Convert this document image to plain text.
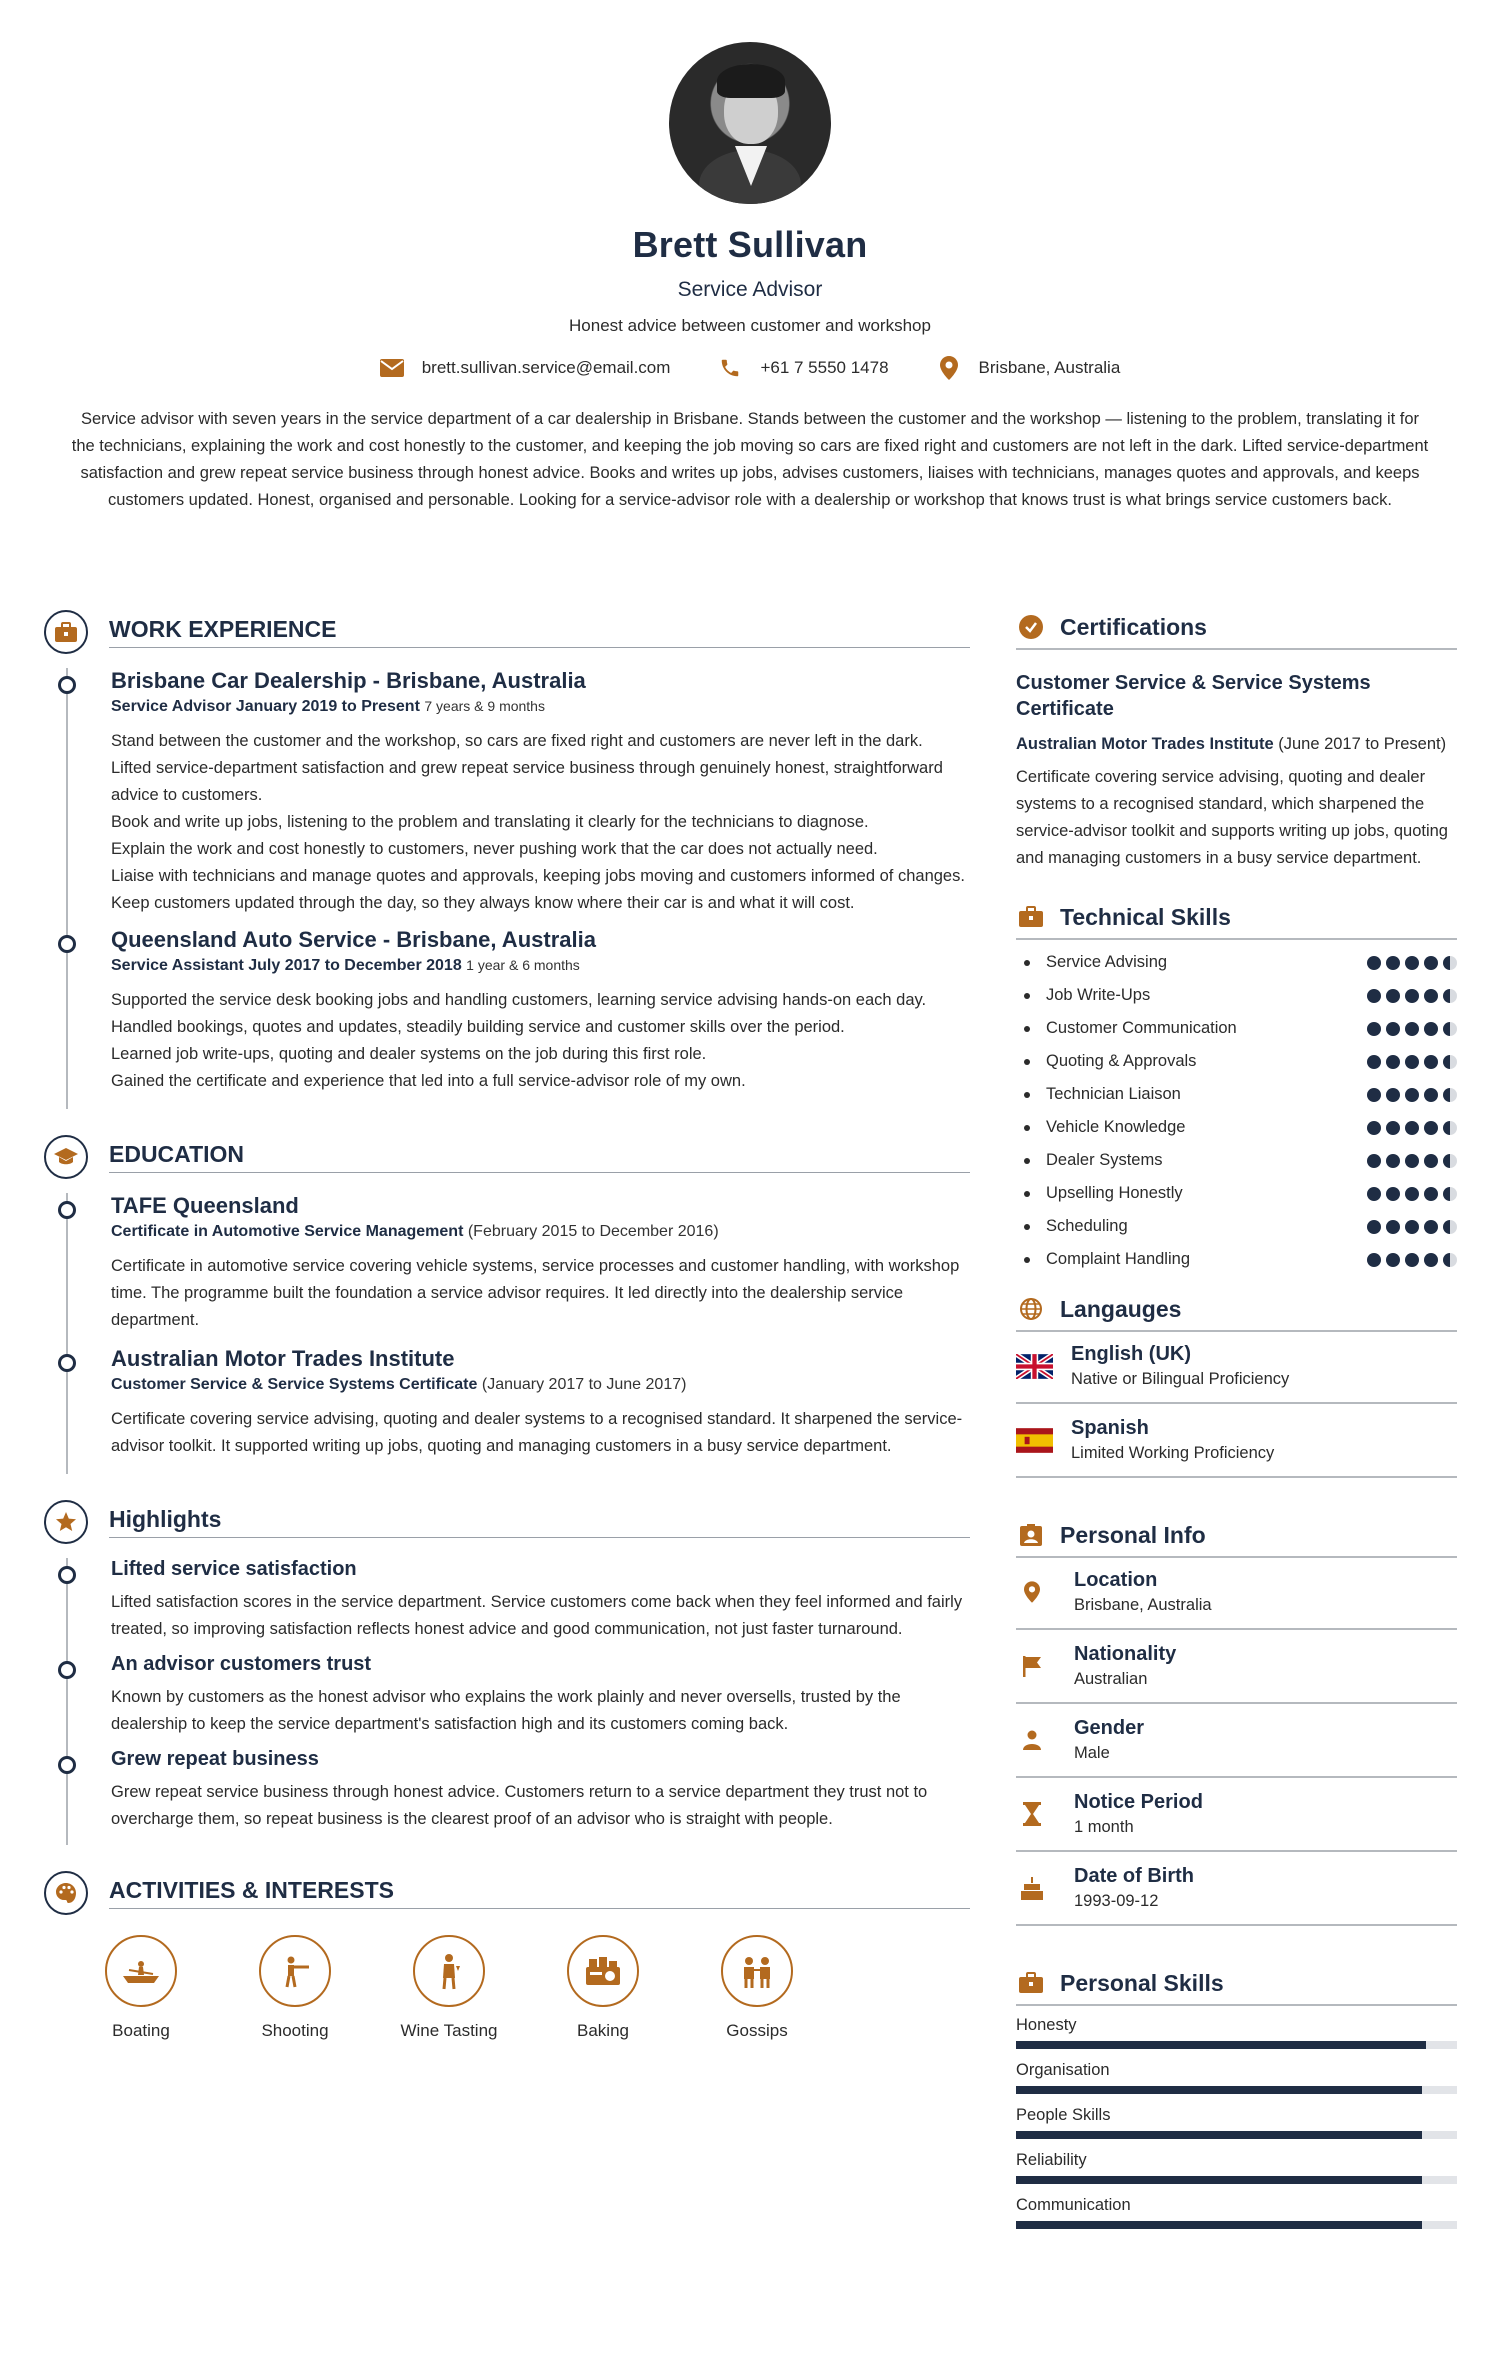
Brett Sullivan
Service Advisor
Honest advice between customer and workshop
brett.sullivan.service@email.com	+61 7 5550 1478	Brisbane, Australia
Service advisor with seven years in the service department of a car dealership in Brisbane. Stands between the customer and the workshop — listening to the problem, translating it for the technicians, explaining the work and cost honestly to the customer, and keeping the job moving so cars are fixed right and customers are not left in the dark. Lifted service-department satisfaction and grew repeat service business through honest advice. Books and writes up jobs, advises customers, liaises with technicians, manages quotes and approvals, and keeps customers updated. Honest, organised and personable. Looking for a service-advisor role with a dealership or workshop that knows trust is what brings service customers back.
WORK EXPERIENCE
Brisbane Car Dealership - Brisbane, Australia
Service Advisor January 2019 to Present 7 years & 9 months
Stand between the customer and the workshop, so cars are fixed right and customers are never left in the dark.
Lifted service-department satisfaction and grew repeat service business through genuinely honest, straightforward advice to customers.
Book and write up jobs, listening to the problem and translating it clearly for the technicians to diagnose.
Explain the work and cost honestly to customers, never pushing work that the car does not actually need.
Liaise with technicians and manage quotes and approvals, keeping jobs moving and customers informed of changes.
Keep customers updated through the day, so they always know where their car is and what it will cost.
Queensland Auto Service - Brisbane, Australia
Service Assistant July 2017 to December 2018 1 year & 6 months
Supported the service desk booking jobs and handling customers, learning service advising hands-on each day.
Handled bookings, quotes and updates, steadily building service and customer skills over the period.
Learned job write-ups, quoting and dealer systems on the job during this first role.
Gained the certificate and experience that led into a full service-advisor role of my own.
EDUCATION
TAFE Queensland
Certificate in Automotive Service Management (February 2015 to December 2016)
Certificate in automotive service covering vehicle systems, service processes and customer handling, with workshop time. The programme built the foundation a service advisor requires. It led directly into the dealership service department.
Australian Motor Trades Institute
Customer Service & Service Systems Certificate (January 2017 to June 2017)
Certificate covering service advising, quoting and dealer systems to a recognised standard. It sharpened the service-advisor toolkit. It supported writing up jobs, quoting and managing customers in a busy service department.
Highlights
Lifted service satisfaction
Lifted satisfaction scores in the service department. Service customers come back when they feel informed and fairly treated, so improving satisfaction reflects honest advice and good communication, not just faster turnaround.
An advisor customers trust
Known by customers as the honest advisor who explains the work plainly and never oversells, trusted by the dealership to keep the service department's satisfaction high and its customers coming back.
Grew repeat business
Grew repeat service business through honest advice. Customers return to a service department they trust not to overcharge them, so repeat business is the clearest proof of an advisor who is straight with people.
ACTIVITIES & INTERESTS
Boating	Shooting	Wine Tasting	Baking	Gossips
Certifications
Customer Service & Service Systems Certificate
Australian Motor Trades Institute (June 2017 to Present)
Certificate covering service advising, quoting and dealer systems to a recognised standard, which sharpened the service-advisor toolkit and supports writing up jobs, quoting and managing customers in a busy service department.
Technical Skills
Service Advising
Job Write-Ups
Customer Communication
Quoting & Approvals
Technician Liaison
Vehicle Knowledge
Dealer Systems
Upselling Honestly
Scheduling
Complaint Handling
Langauges
English (UK)
Native or Bilingual Proficiency
Spanish
Limited Working Proficiency
Personal Info
Location
Brisbane, Australia
Nationality
Australian
Gender
Male
Notice Period
1 month
Date of Birth
1993-09-12
Personal Skills
Honesty
Organisation
People Skills
Reliability
Communication
